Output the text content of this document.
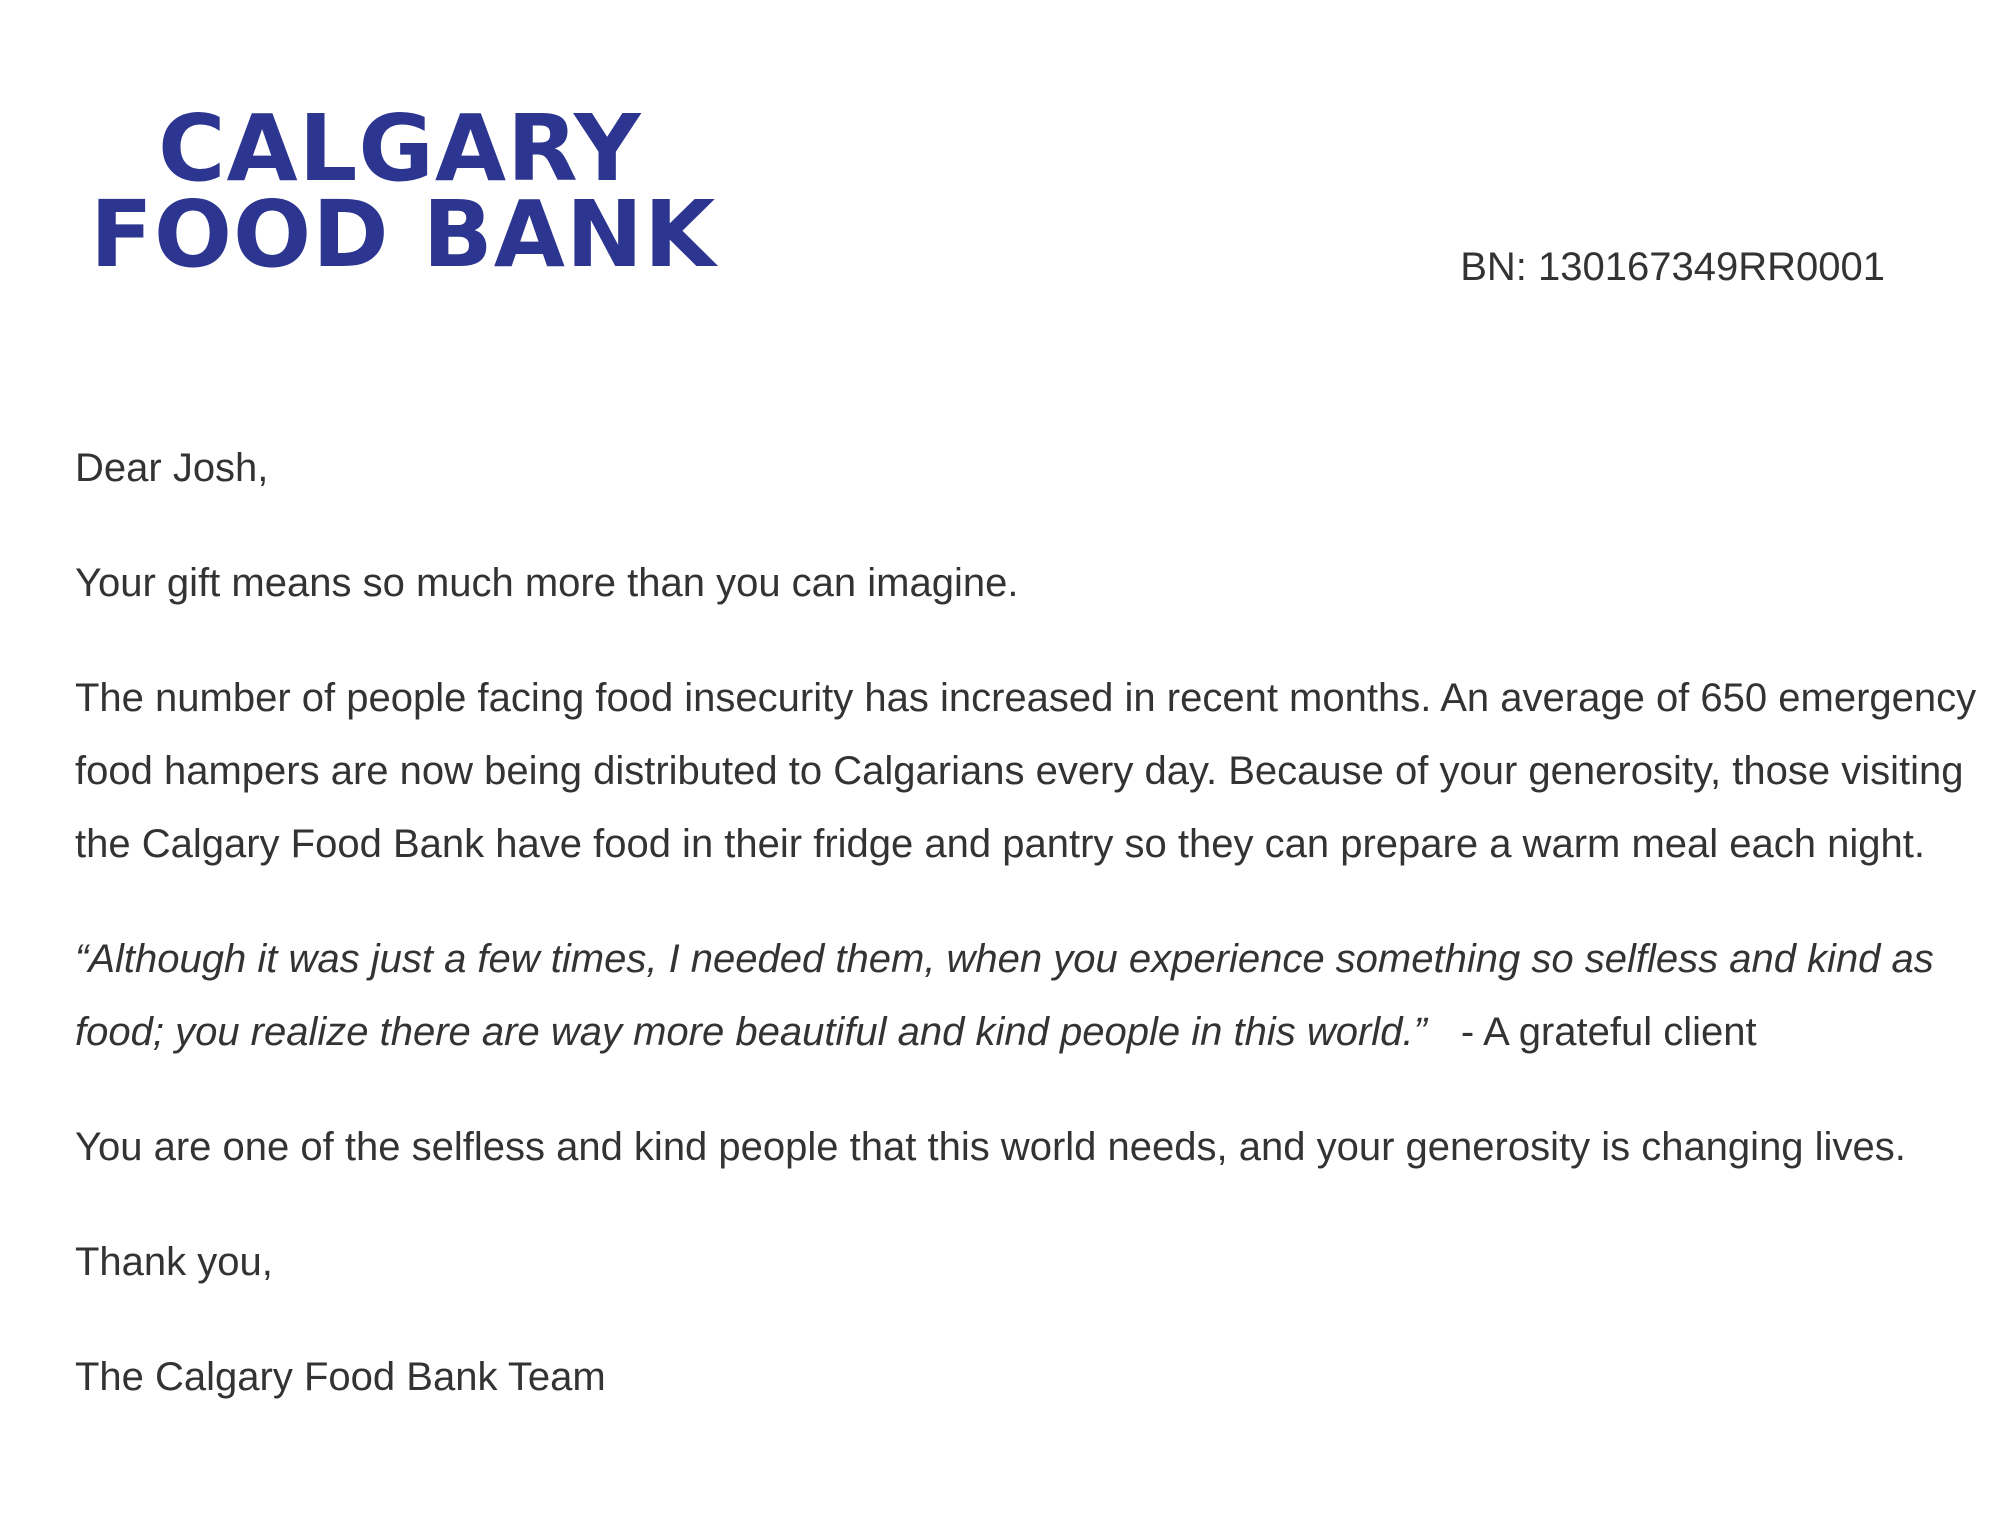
CALGARY
FOOD BANK	BN: 130167349RR0001

Dear Josh,

Your gift means so much more than you can imagine.

The number of people facing food insecurity has increased in recent months. An average of 650 emergency food hampers are now being distributed to Calgarians every day. Because of your generosity, those visiting the Calgary Food Bank have food in their fridge and pantry so they can prepare a warm meal each night.

“Although it was just a few times, I needed them, when you experience something so selfless and kind as food; you realize there are way more beautiful and kind people in this world.” - A grateful client

You are one of the selfless and kind people that this world needs, and your generosity is changing lives.

Thank you,

The Calgary Food Bank Team
